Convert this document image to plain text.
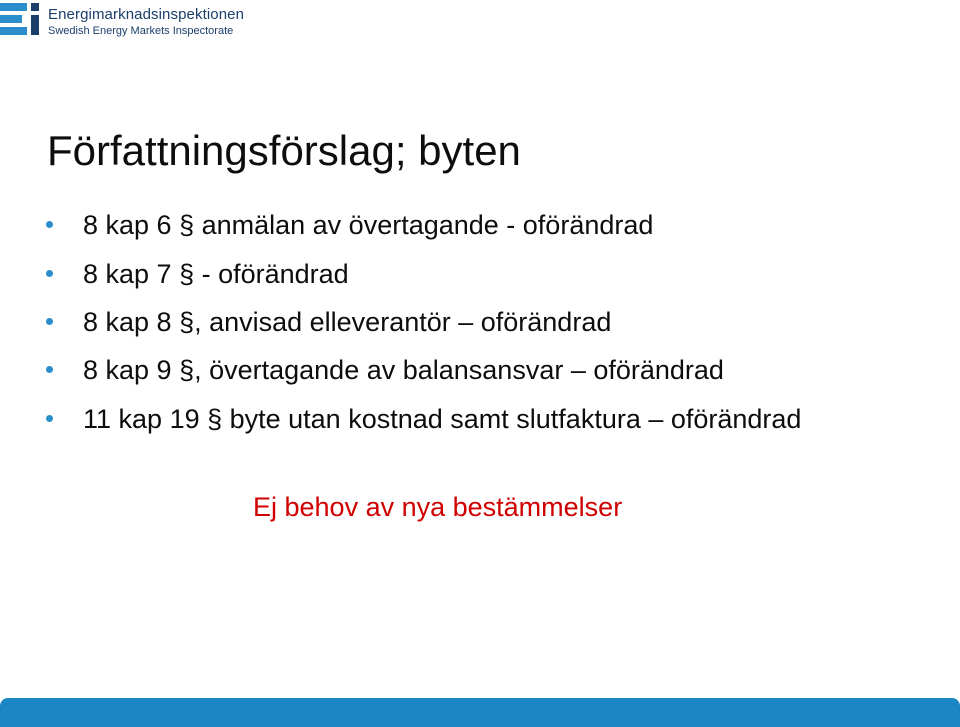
Energimarknadsinspektionen
Swedish Energy Markets Inspectorate
Författningsförslag; byten
8 kap 6 § anmälan av övertagande - oförändrad
8 kap 7 § - oförändrad
8 kap 8 §, anvisad elleverantör – oförändrad
8 kap 9 §, övertagande av balansansvar – oförändrad
11 kap 19 § byte utan kostnad samt slutfaktura – oförändrad
Ej behov av nya bestämmelser
